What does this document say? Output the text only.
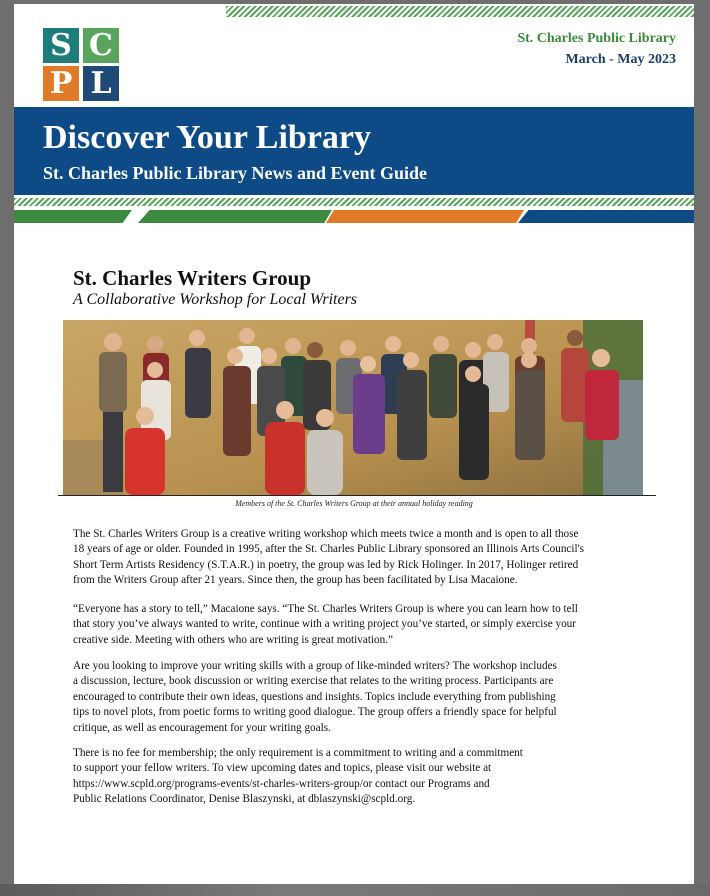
S C
P L
St. Charles Public Library
March - May 2023
Discover Your Library
St. Charles Public Library News and Event Guide
St. Charles Writers Group
A Collaborative Workshop for Local Writers
Members of the St. Charles Writers Group at their annual holiday reading
The St. Charles Writers Group is a creative writing workshop which meets twice a month and is open to all those
18 years of age or older. Founded in 1995, after the St. Charles Public Library sponsored an Illinois Arts Council's
Short Term Artists Residency (S.T.A.R.) in poetry, the group was led by Rick Holinger. In 2017, Holinger retired
from the Writers Group after 21 years. Since then, the group has been facilitated by Lisa Macaione.
“Everyone has a story to tell,” Macaione says. “The St. Charles Writers Group is where you can learn how to tell
that story you’ve always wanted to write, continue with a writing project you’ve started, or simply exercise your
creative side. Meeting with others who are writing is great motivation.”
Are you looking to improve your writing skills with a group of like-minded writers? The workshop includes
a discussion, lecture, book discussion or writing exercise that relates to the writing process. Participants are
encouraged to contribute their own ideas, questions and insights. Topics include everything from publishing
tips to novel plots, from poetic forms to writing good dialogue. The group offers a friendly space for helpful
critique, as well as encouragement for your writing goals.
There is no fee for membership; the only requirement is a commitment to writing and a commitment
to support your fellow writers. To view upcoming dates and topics, please visit our website at
https://www.scpld.org/programs-events/st-charles-writers-group/or contact our Programs and
Public Relations Coordinator, Denise Blaszynski, at dblaszynski@scpld.org.
